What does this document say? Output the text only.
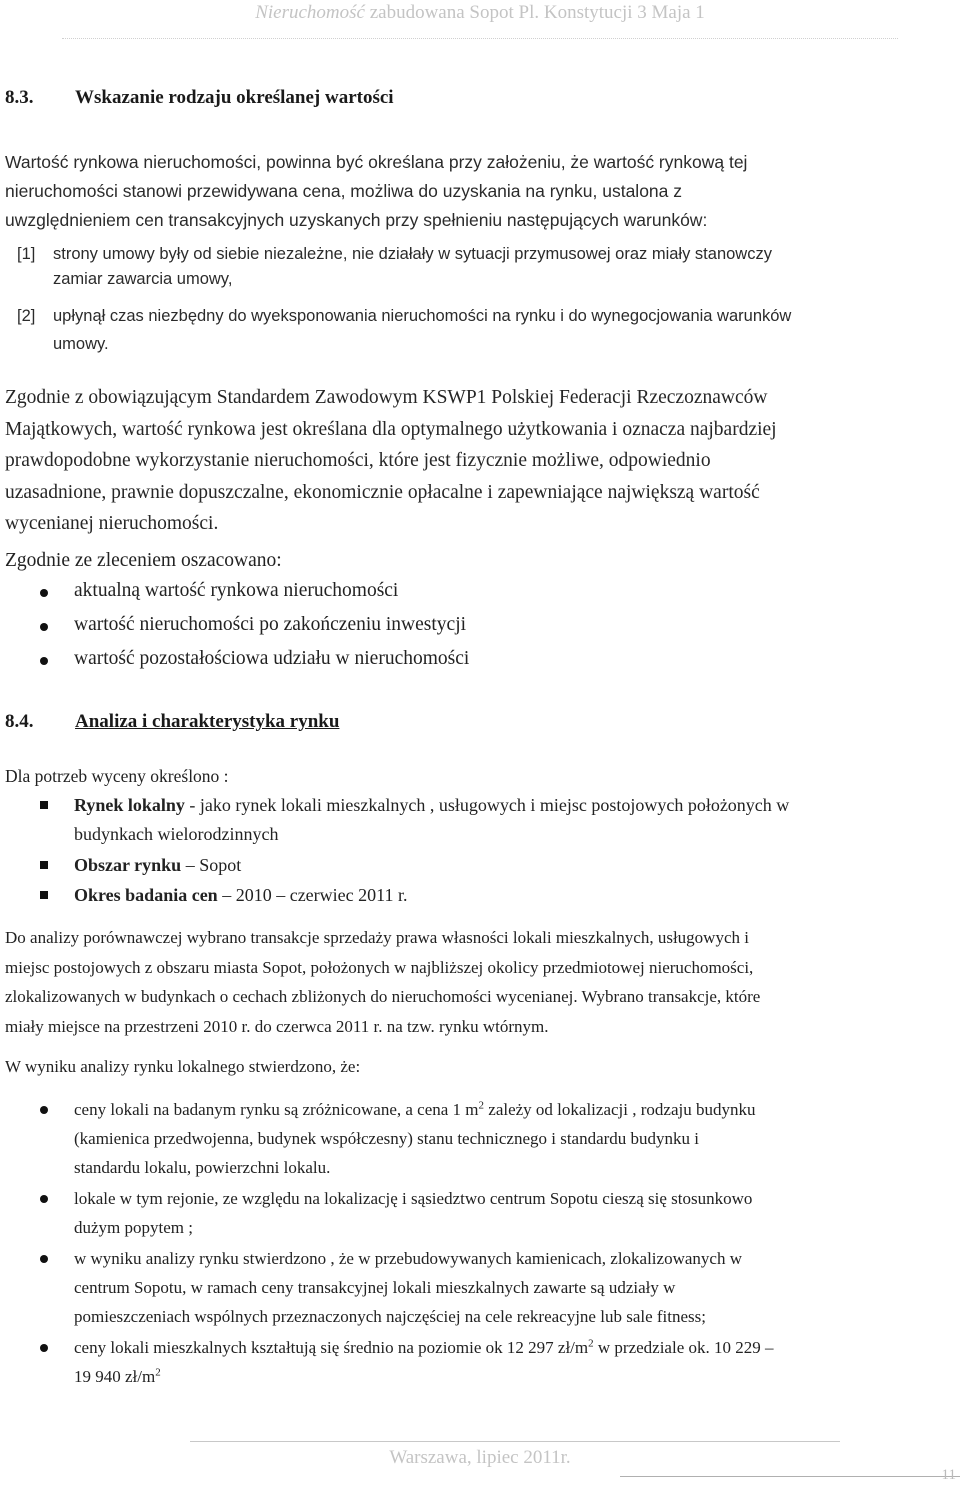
Nieruchomość zabudowana Sopot Pl. Konstytucji 3 Maja 1
8.3. Wskazanie rodzaju określanej wartości
Wartość rynkowa nieruchomości, powinna być określana przy założeniu, że wartość rynkową tej
nieruchomości stanowi przewidywana cena, możliwa do uzyskania na rynku, ustalona z
uwzględnieniem cen transakcyjnych uzyskanych przy spełnieniu następujących warunków:
[1] strony umowy były od siebie niezależne, nie działały w sytuacji przymusowej oraz miały stanowczy
zamiar zawarcia umowy,
[2] upłynął czas niezbędny do wyeksponowania nieruchomości na rynku i do wynegocjowania warunków
umowy.
Zgodnie z obowiązującym Standardem Zawodowym KSWP1 Polskiej Federacji Rzeczoznawców
Majątkowych, wartość rynkowa jest określana dla optymalnego użytkowania i oznacza najbardziej
prawdopodobne wykorzystanie nieruchomości, które jest fizycznie możliwe, odpowiednio
uzasadnione, prawnie dopuszczalne, ekonomicznie opłacalne i zapewniające największą wartość
wycenianej nieruchomości.
Zgodnie ze zleceniem oszacowano:
aktualną wartość rynkowa nieruchomości
wartość nieruchomości po zakończeniu inwestycji
wartość pozostałościowa udziału w nieruchomości
8.4. Analiza i charakterystyka rynku
Dla potrzeb wyceny określono :
Rynek lokalny - jako rynek lokali mieszkalnych , usługowych i miejsc postojowych położonych w
budynkach wielorodzinnych
Obszar rynku – Sopot
Okres badania cen – 2010 – czerwiec 2011 r.
Do analizy porównawczej wybrano transakcje sprzedaży prawa własności lokali mieszkalnych, usługowych i
miejsc postojowych z obszaru miasta Sopot, położonych w najbliższej okolicy przedmiotowej nieruchomości,
zlokalizowanych w budynkach o cechach zbliżonych do nieruchomości wycenianej. Wybrano transakcje, które
miały miejsce na przestrzeni 2010 r. do czerwca 2011 r. na tzw. rynku wtórnym.
W wyniku analizy rynku lokalnego stwierdzono, że:
ceny lokali na badanym rynku są zróżnicowane, a cena 1 $m^2$ zależy od lokalizacji , rodzaju budynku
(kamienica przedwojenna, budynek współczesny) stanu technicznego i standardu budynku i
standardu lokalu, powierzchni lokalu.
lokale w tym rejonie, ze względu na lokalizację i sąsiedztwo centrum Sopotu cieszą się stosunkowo
dużym popytem ;
w wyniku analizy rynku stwierdzono , że w przebudowywanych kamienicach, zlokalizowanych w
centrum Sopotu, w ramach ceny transakcyjnej lokali mieszkalnych zawarte są udziały w
pomieszczeniach wspólnych przeznaczonych najczęściej na cele rekreacyjne lub sale fitness;
ceny lokali mieszkalnych kształtują się średnio na poziomie ok 12 297 $zł/m^2$ w przedziale ok. 10 229 –
19 940 $zł/m^2$
Warszawa, lipiec 2011r.
11
